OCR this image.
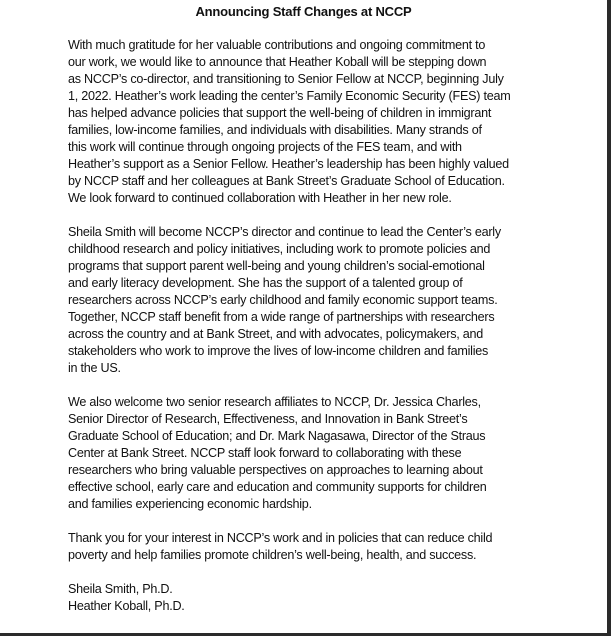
Announcing Staff Changes at NCCP

With much gratitude for her valuable contributions and ongoing commitment to
our work, we would like to announce that Heather Koball will be stepping down
as NCCP’s co-director, and transitioning to Senior Fellow at NCCP, beginning July
1, 2022. Heather’s work leading the center’s Family Economic Security (FES) team
has helped advance policies that support the well-being of children in immigrant
families, low-income families, and individuals with disabilities. Many strands of
this work will continue through ongoing projects of the FES team, and with
Heather’s support as a Senior Fellow. Heather’s leadership has been highly valued
by NCCP staff and her colleagues at Bank Street’s Graduate School of Education.
We look forward to continued collaboration with Heather in her new role.

Sheila Smith will become NCCP’s director and continue to lead the Center’s early
childhood research and policy initiatives, including work to promote policies and
programs that support parent well-being and young children’s social-emotional
and early literacy development. She has the support of a talented group of
researchers across NCCP’s early childhood and family economic support teams.
Together, NCCP staff benefit from a wide range of partnerships with researchers
across the country and at Bank Street, and with advocates, policymakers, and
stakeholders who work to improve the lives of low-income children and families
in the US.

We also welcome two senior research affiliates to NCCP, Dr. Jessica Charles,
Senior Director of Research, Effectiveness, and Innovation in Bank Street’s
Graduate School of Education; and Dr. Mark Nagasawa, Director of the Straus
Center at Bank Street. NCCP staff look forward to collaborating with these
researchers who bring valuable perspectives on approaches to learning about
effective school, early care and education and community supports for children
and families experiencing economic hardship.

Thank you for your interest in NCCP’s work and in policies that can reduce child
poverty and help families promote children’s well-being, health, and success.

Sheila Smith, Ph.D.
Heather Koball, Ph.D.
